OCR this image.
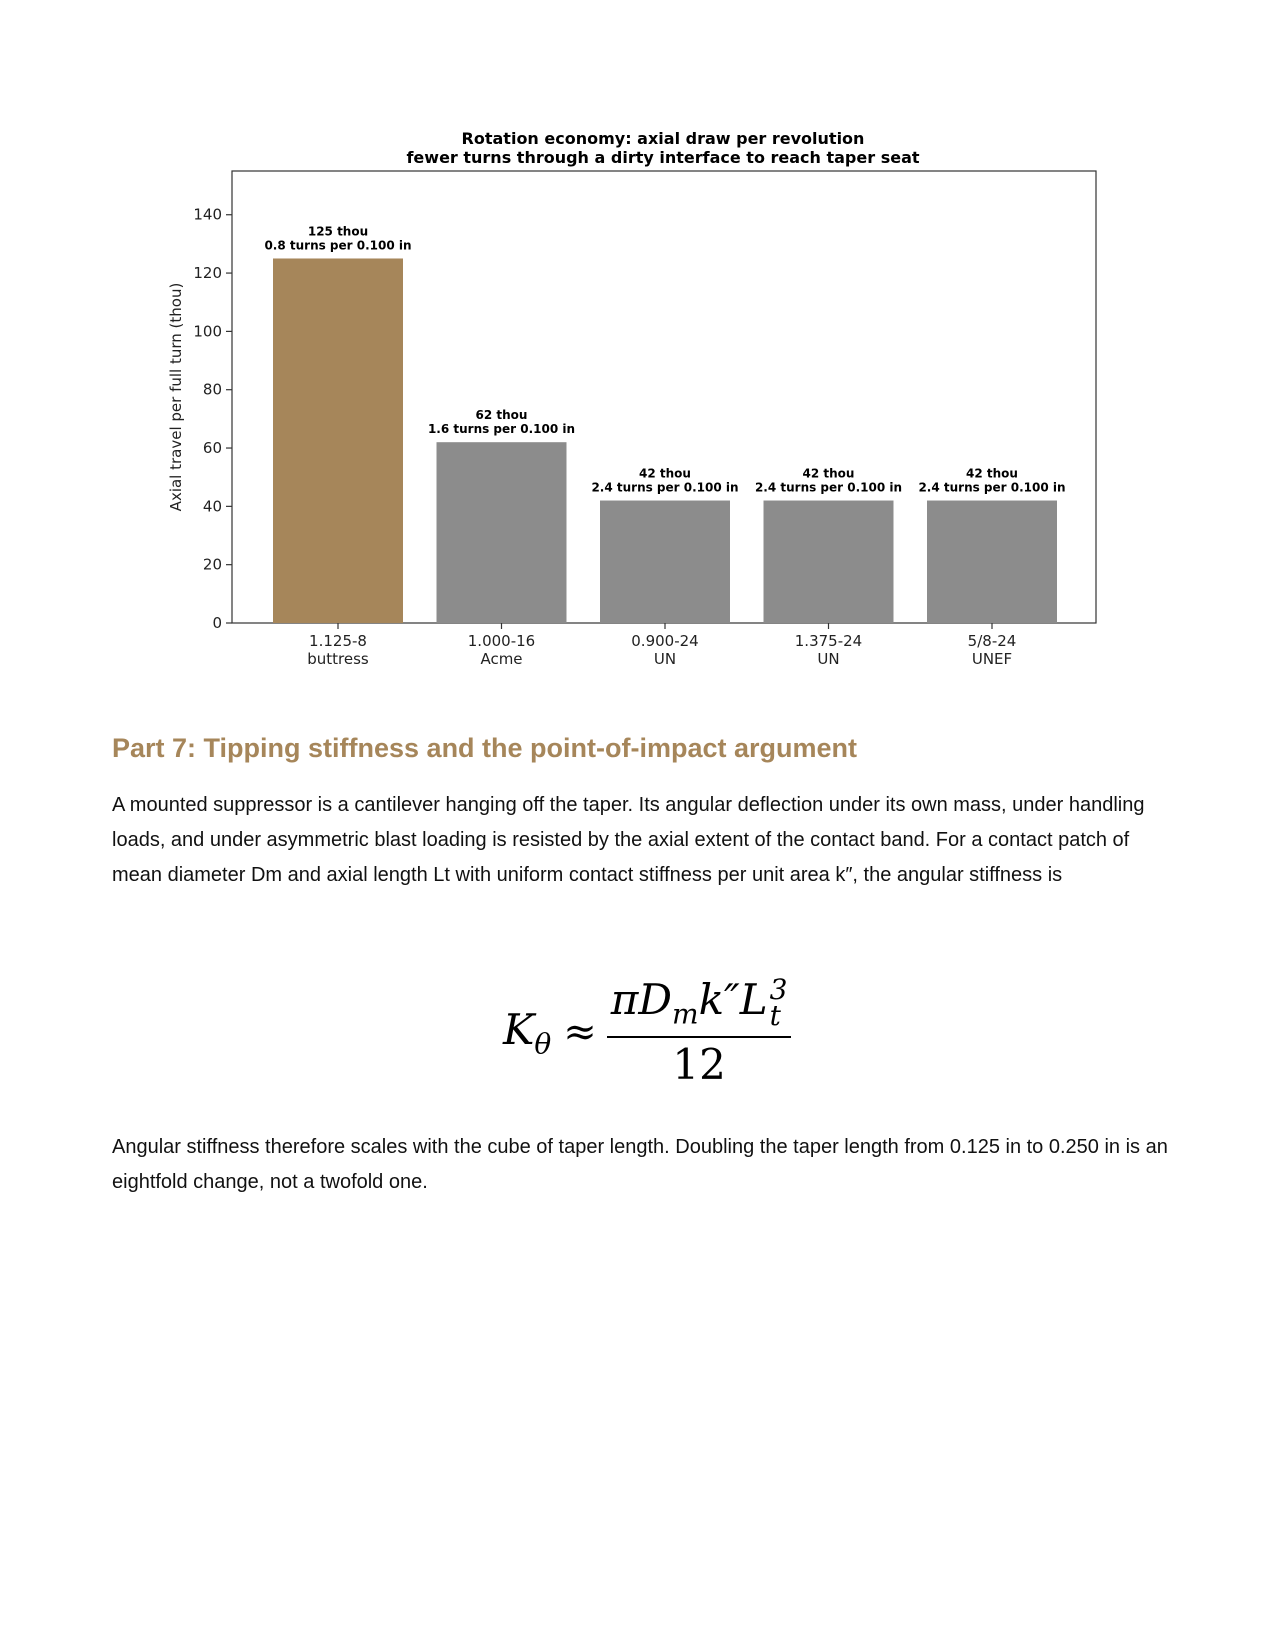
Rotation economy: axial draw per revolution
fewer turns through a dirty interface to reach taper seat
0
20
40
60
80
100
120
140
125 thou
0.8 turns per 0.100 in
62 thou
1.6 turns per 0.100 in
42 thou
2.4 turns per 0.100 in
42 thou
2.4 turns per 0.100 in
42 thou
2.4 turns per 0.100 in
1.125-8
buttress
1.000-16
Acme
0.900-24
UN
1.375-24
UN
5/8-24
UNEF
Axial travel per full turn (thou)
Part 7: Tipping stiffness and the point-of-impact argument

A mounted suppressor is a cantilever hanging off the taper. Its angular deflection under its own mass, under handling loads, and under asymmetric blast loading is resisted by the axial extent of the contact band. For a contact patch of mean diameter Dm and axial length Lt with uniform contact stiffness per unit area k″, the angular stiffness is

$K_\theta \approx \pi D_mk''L$ 3
t
12

Angular stiffness therefore scales with the cube of taper length. Doubling the taper length from 0.125 in to 0.250 in is an eightfold change, not a twofold one.
